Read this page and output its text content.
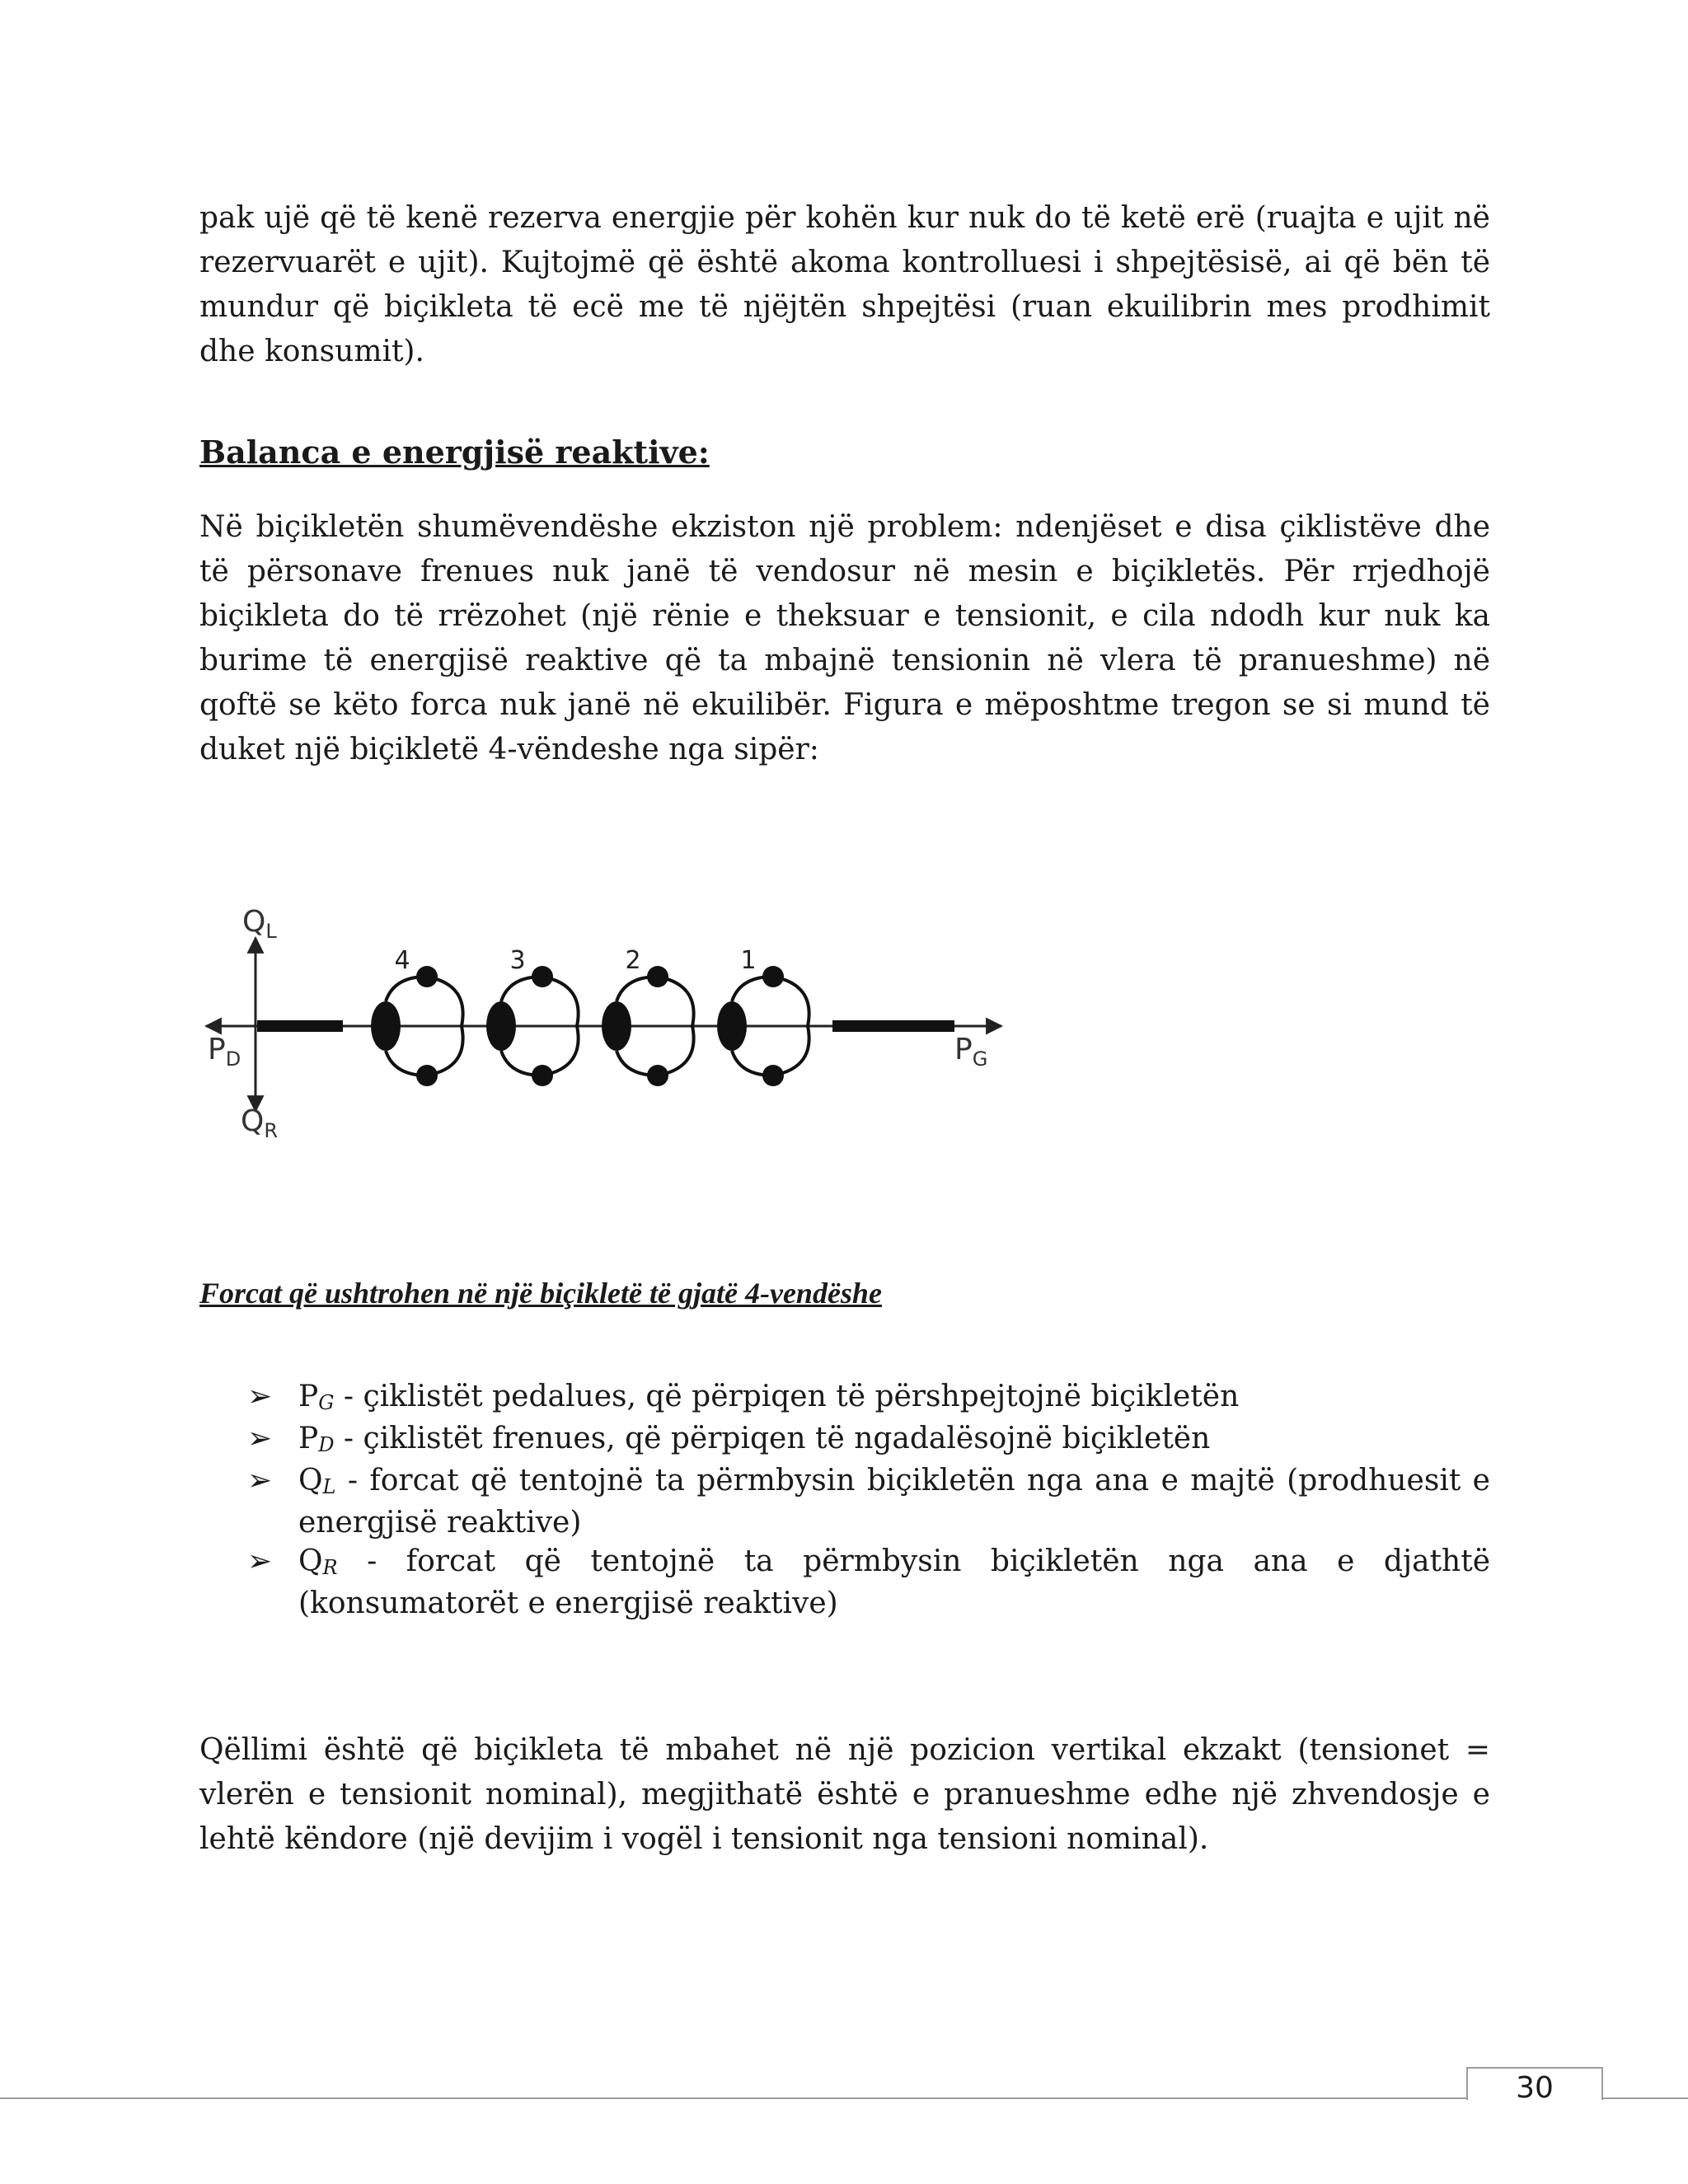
pak ujë që të kenë rezerva energjie për kohën kur nuk do të ketë erë (ruajta e ujit në rezervuarët e ujit). Kujtojmë që është akoma kontrolluesi i shpejtësisë, ai që bën të mundur që biçikleta të ecë me të njëjtën shpejtësi (ruan ekuilibrin mes prodhimit dhe konsumit).

Balanca e energjisë reaktive:

Në biçikletën shumëvendëshe ekziston një problem: ndenjëset e disa çiklistëve dhe të përsonave frenues nuk janë të vendosur në mesin e biçikletës. Për rrjedhojë biçikleta do të rrëzohet (një rënie e theksuar e tensionit, e cila ndodh kur nuk ka burime të energjisë reaktive që ta mbajnë tensionin në vlera të pranueshme) në qoftë se këto forca nuk janë në ekuilibër. Figura e mëposhtme tregon se si mund të duket një biçikletë 4-vëndeshe nga sipër:

4	3	2	1
$Q_L$
$P_D$
$Q_R$
$P_G$
Forcat që ushtrohen në një biçikletë të gjatë 4-vendëshe
➢ $P_G$ - çiklistët pedalues, që përpiqen të përshpejtojnë biçikletën
➢ $P_D$ - çiklistët frenues, që përpiqen të ngadalësojnë biçikletën
➢ $Q_L$ - forcat që tentojnë ta përmbysin biçikletën nga ana e majtë (prodhuesit e energjisë reaktive)
➢ $Q_R$ - forcat që tentojnë ta përmbysin biçikletën nga ana e djathtë (konsumatorët e energjisë reaktive)

Qëllimi është që biçikleta të mbahet në një pozicion vertikal ekzakt (tensionet = vlerën e tensionit nominal), megjithatë është e pranueshme edhe një zhvendosje e lehtë këndore (një devijim i vogël i tensionit nga tensioni nominal).

30
